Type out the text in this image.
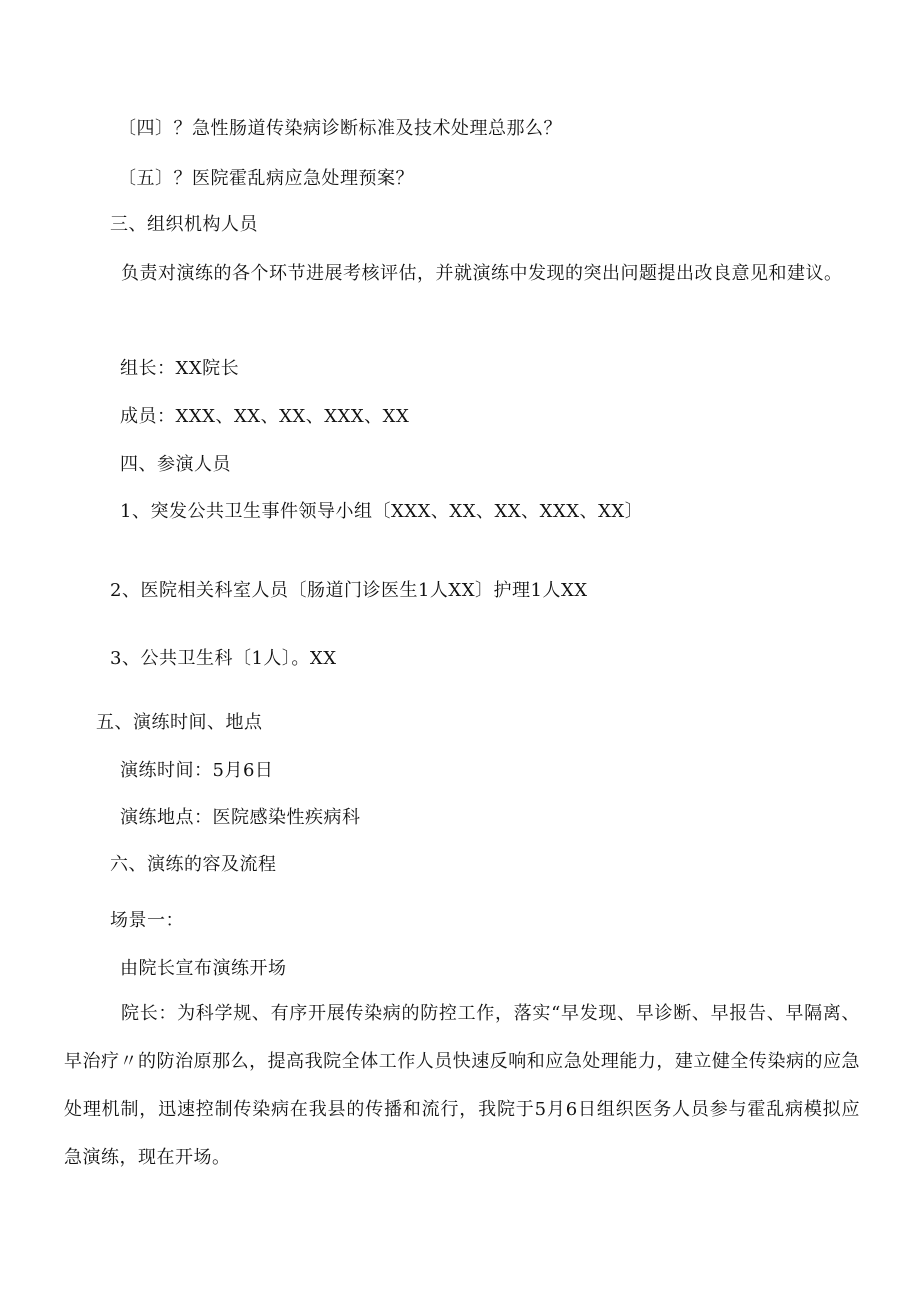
〔四〕？急性肠道传染病诊断标准及技术处理总那么？
〔五〕？医院霍乱病应急处理预案？
三、组织机构人员
负责对演练的各个环节进展考核评估，并就演练中发现的突出问题提出改良意见和建议。
组长：XX院长
成员：XXX、XX、XX、XXX、XX
四、参演人员
1、突发公共卫生事件领导小组〔XXX、XX、XX、XXX、XX〕
2、医院相关科室人员〔肠道门诊医生1人XX〕护理1人XX
3、公共卫生科〔1人〕。XX
五、演练时间、地点
演练时间：5月6日
演练地点：医院感染性疾病科
六、演练的容及流程
场景一：
由院长宣布演练开场
院长：为科学规、有序开展传染病的防控工作，落实“早发现、早诊断、早报告、早隔离、早治疗〃的防治原那么，提高我院全体工作人员快速反响和应急处理能力，建立健全传染病的应急处理机制，迅速控制传染病在我县的传播和流行，我院于5月6日组织医务人员参与霍乱病模拟应急演练，现在开场。
